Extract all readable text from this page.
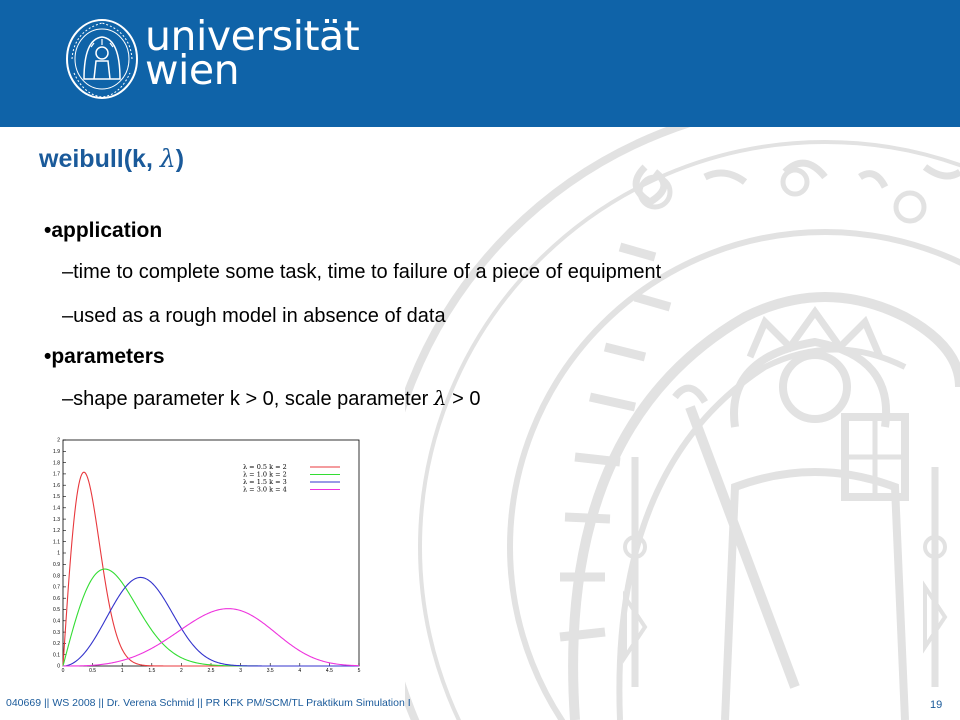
universität
wien
weibull(k, λ)
•application
–time to complete some task, time to failure of a piece of equipment
–used as a rough model in absence of data
•parameters
–shape parameter k > 0, scale parameter λ > 0
0	0.5	1	1.5	2	2.5	3	3.5	4	4.5	5
0
0.1
0.2
0.3
0.4
0.5
0.6
0.7
0.8
0.9
1
1.1
1.2
1.3
1.4
1.5
1.6
1.7
1.8
1.9
2
λ = 0.5 k = 2
λ = 1.0 k = 2
λ = 1.5 k = 3
λ = 3.0 k = 4
040669 || WS 2008 || Dr. Verena Schmid || PR KFK PM/SCM/TL Praktikum Simulation I	19
